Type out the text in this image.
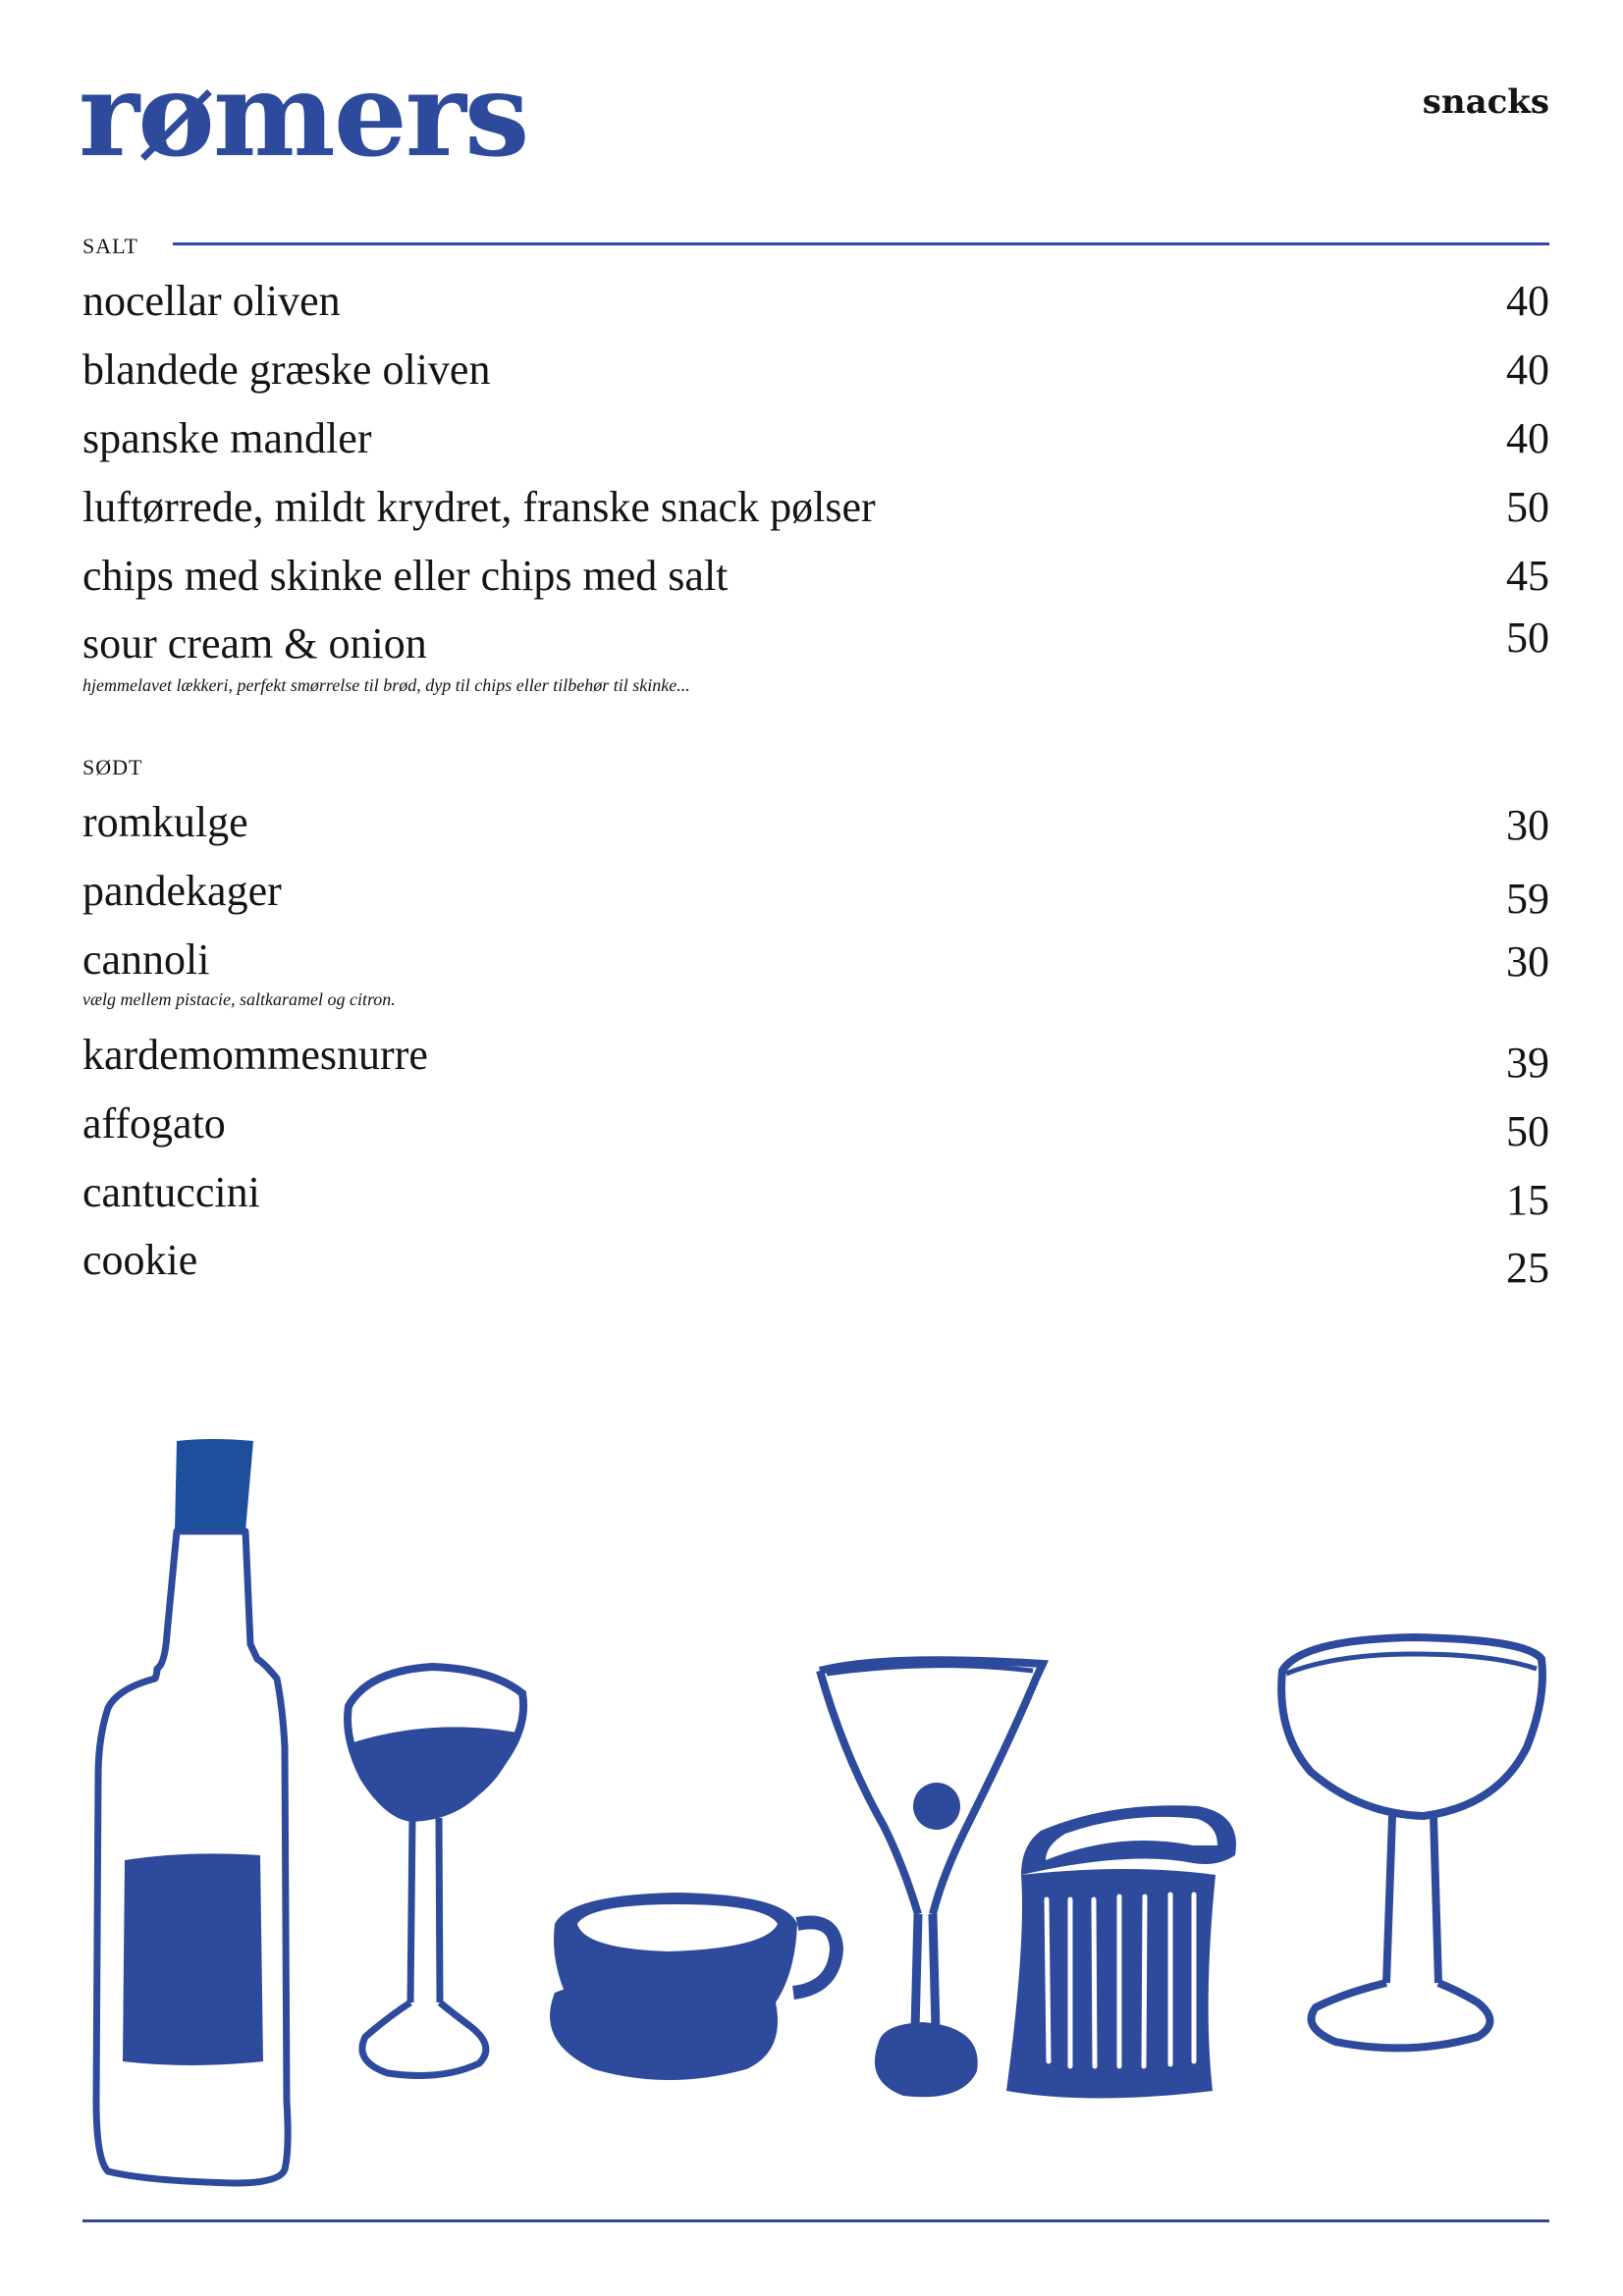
rømers	snacks
SALT
nocellar oliven	40
blandede græske oliven	40
spanske mandler	40
luftørrede, mildt krydret, franske snack pølser	50
chips med skinke eller chips med salt	45
sour cream & onion	50
hjemmelavet lækkeri, perfekt smørrelse til brød, dyp til chips eller tilbehør til skinke...
SØDT
romkulge	30
pandekager	59
cannoli	30
vælg mellem pistacie, saltkaramel og citron.
kardemommesnurre	39
affogato	50
cantuccini	15
cookie	25
